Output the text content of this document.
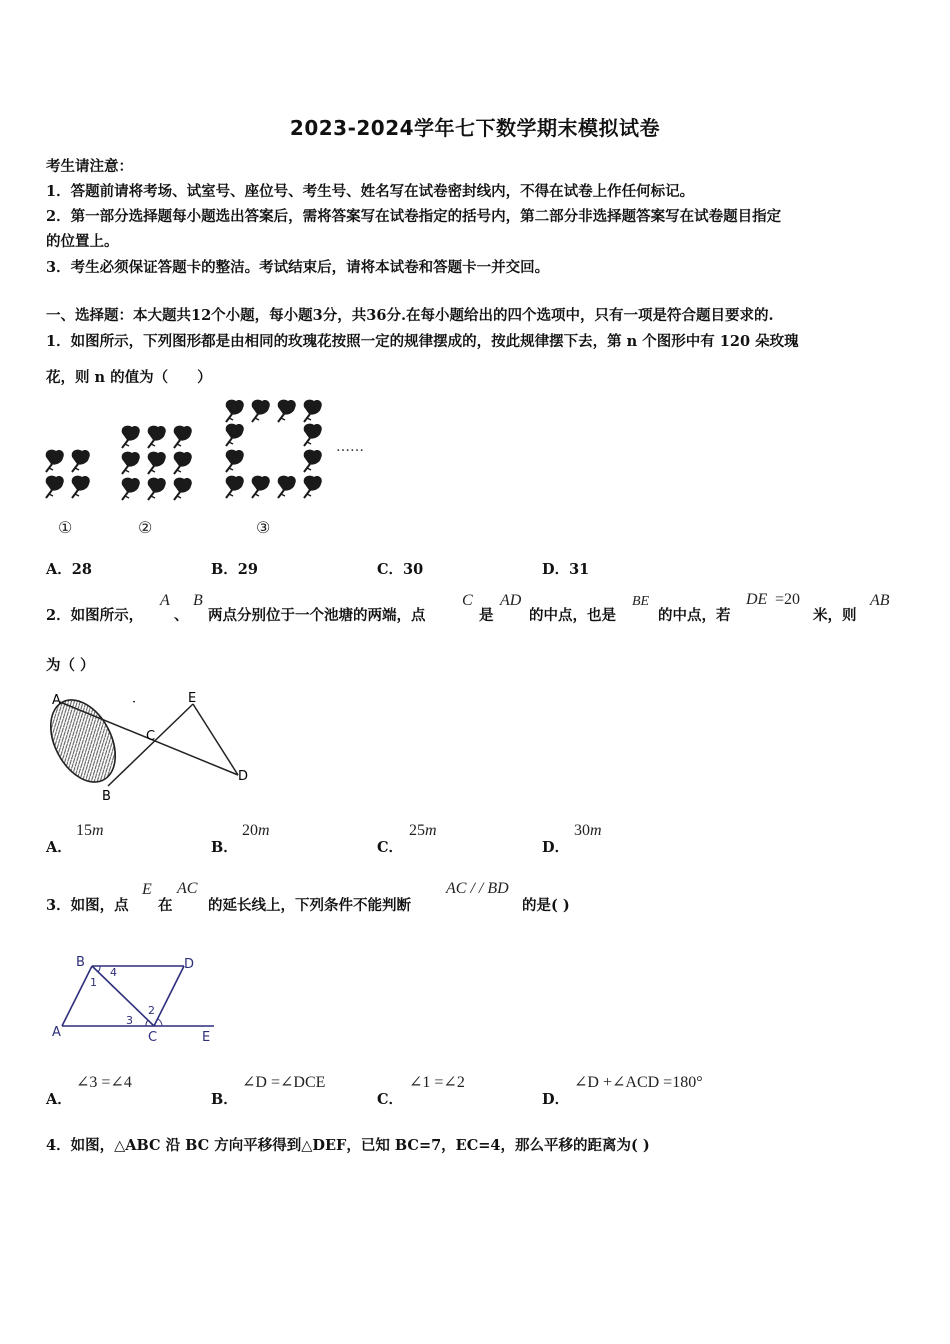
2023-2024学年七下数学期末模拟试卷
考生请注意：
1．答题前请将考场、试室号、座位号、考生号、姓名写在试卷密封线内，不得在试卷上作任何标记。
2．第一部分选择题每小题选出答案后，需将答案写在试卷指定的括号内，第二部分非选择题答案写在试卷题目指定
的位置上。
3．考生必须保证答题卡的整洁。考试结束后，请将本试卷和答题卡一并交回。
一、选择题：本大题共12个小题，每小题3分，共36分.在每小题给出的四个选项中，只有一项是符合题目要求的.
1．如图所示，下列图形都是由相同的玫瑰花按照一定的规律摆成的，按此规律摆下去，第 n 个图形中有 120 朵玫瑰
花，则 n 的值为（　　）
……
①	②	③
A．28	B．29	C．30	D．31
2．如图所示，
A
、
B
两点分别位于一个池塘的两端，点
C
是
AD
的中点，也是
BE
的中点，若
DE =20
米，则
AB
为（ ）
A
B
C
D
E
·
A．
15m
B．
20m
C．
25m
D．
30m
3．如图，点
E
在
AC
的延长线上，下列条件不能判断
AC / / BD
的是( )
A
B
C
D
E
1
2
3
4
A．
∠3 =∠4
B．
∠D =∠DCE
C．
∠1 =∠2
D．
∠D +∠ACD =180°
4．如图，△ABC 沿 BC 方向平移得到△DEF，已知 BC=7，EC=4，那么平移的距离为( )
